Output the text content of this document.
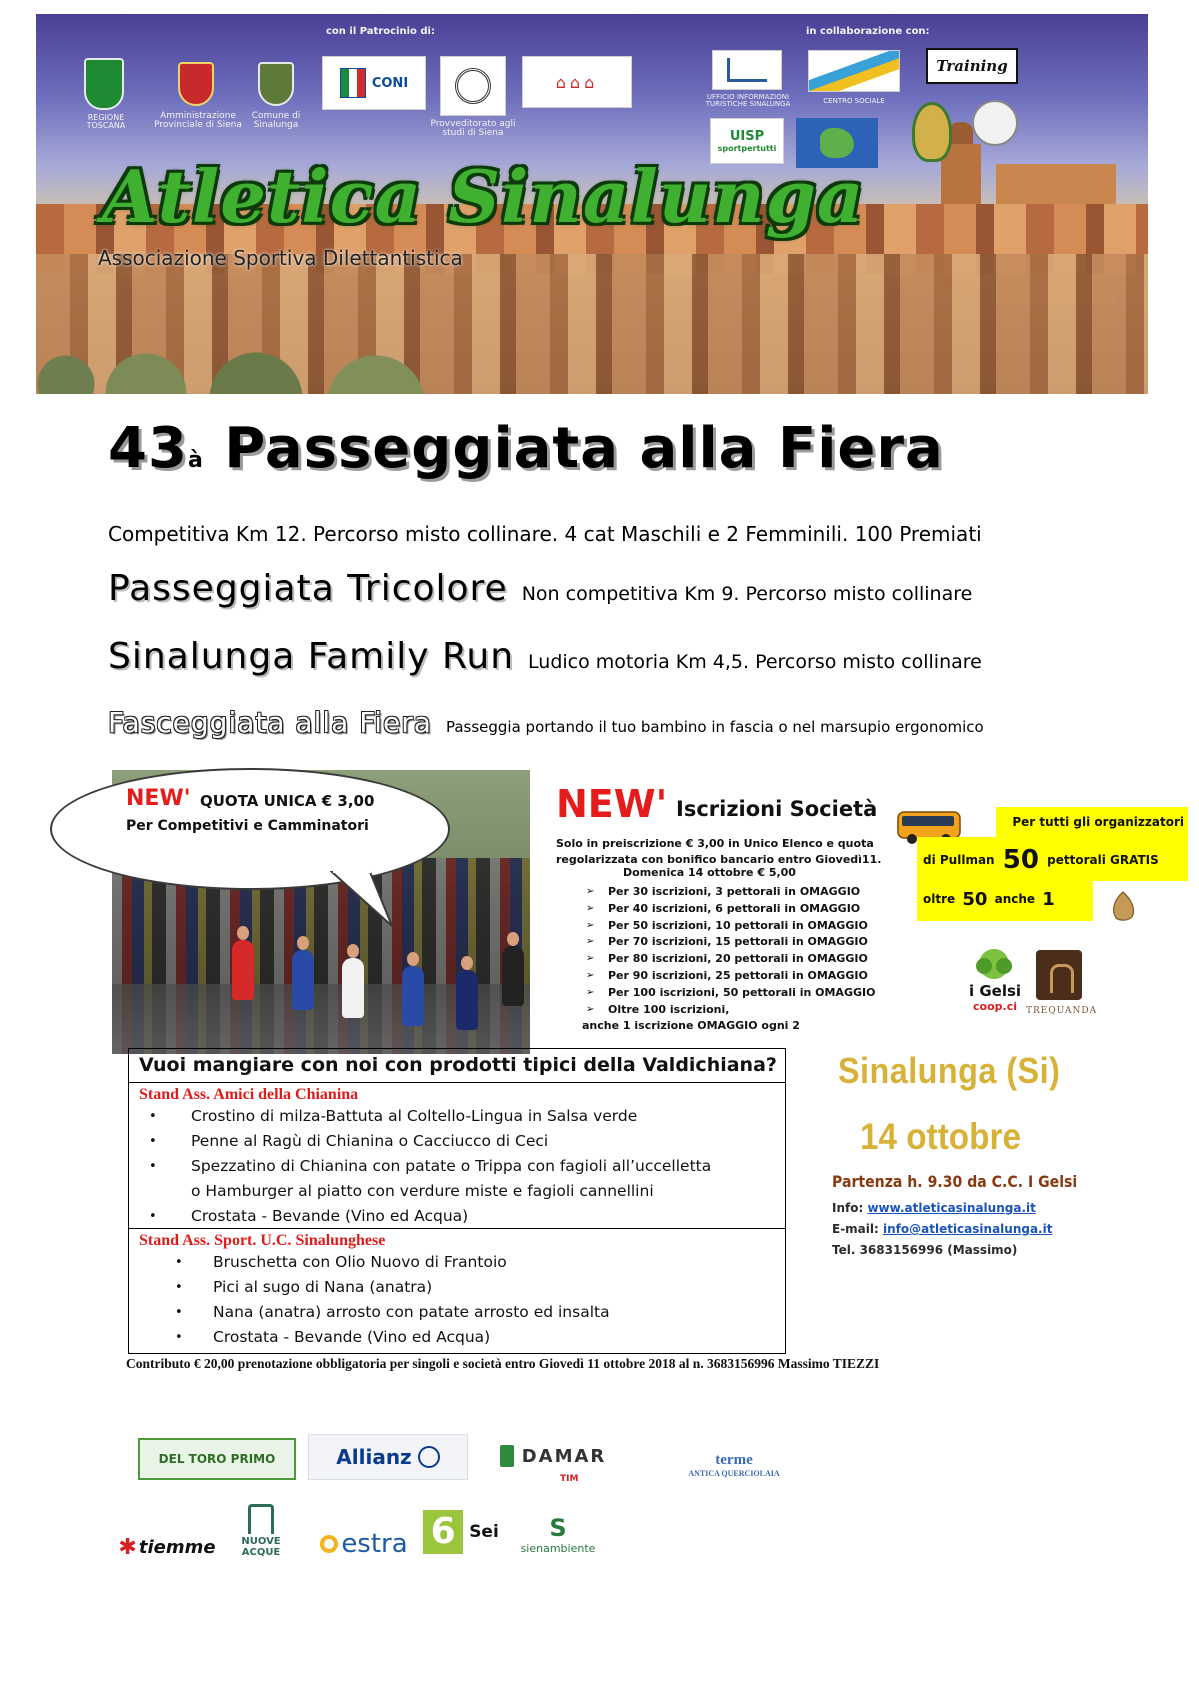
con il Patrocinio di:	in collaborazione con:
REGIONE TOSCANA
Amministrazione Provinciale di Siena
Comune di Sinalunga
CONI
Provveditorato agli studi di Siena
⌂⌂⌂
UFFICIO INFORMAZIONI TURISTICHE SINALUNGA	CENTRO SOCIALE
Training
UISP
sportpertutti
Atletica Sinalunga
Associazione Sportiva Dilettantistica
43à Passeggiata alla Fiera
Competitiva Km 12. Percorso misto collinare. 4 cat Maschili e 2 Femminili. 100 Premiati
Passeggiata Tricolore Non competitiva Km 9. Percorso misto collinare
Sinalunga Family Run Ludico motoria Km 4,5. Percorso misto collinare
Fasceggiata alla Fiera Passeggia portando il tuo bambino in fascia o nel marsupio ergonomico
NEW' QUOTA UNICA € 3,00
Per Competitivi e Camminatori	NEW' Iscrizioni Società
Solo in preiscrizione € 3,00 in Unico Elenco e quota regolarizzata con bonifico bancario entro Giovedì11.
Domenica 14 ottobre € 5,00
➢ Per 30 iscrizioni, 3 pettorali in OMAGGIO
➢ Per 40 iscrizioni, 6 pettorali in OMAGGIO
➢ Per 50 iscrizioni, 10 pettorali in OMAGGIO
➢ Per 70 iscrizioni, 15 pettorali in OMAGGIO
➢ Per 80 iscrizioni, 20 pettorali in OMAGGIO
➢ Per 90 iscrizioni, 25 pettorali in OMAGGIO
➢ Per 100 iscrizioni, 50 pettorali in OMAGGIO
➢ Oltre 100 iscrizioni,
anche 1 iscrizione OMAGGIO ogni 2
Per tutti gli organizzatori
di Pullman 50 pettorali GRATIS
oltre 50 anche 1
i Gelsi
coop.ci	TREQUANDA
Vuoi mangiare con noi con prodotti tipici della Valdichiana?
Stand Ass. Amici della Chianina
• Crostino di milza-Battuta al Coltello-Lingua in Salsa verde
• Penne al Ragù di Chianina o Cacciucco di Ceci
• Spezzatino di Chianina con patate o Trippa con fagioli all’uccelletta
o Hamburger al piatto con verdure miste e fagioli cannellini
• Crostata - Bevande (Vino ed Acqua)
Stand Ass. Sport. U.C. Sinalunghese
• Bruschetta con Olio Nuovo di Frantoio
• Pici al sugo di Nana (anatra)
• Nana (anatra) arrosto con patate arrosto ed insalta
• Crostata - Bevande (Vino ed Acqua)
Contributo € 20,00 prenotazione obbligatoria per singoli e società entro Giovedì 11 ottobre 2018 al n. 3683156996 Massimo TIEZZI
Sinalunga (Si)
14 ottobre
Partenza h. 9.30 da C.C. I Gelsi
Info: www.atleticasinalunga.it
E-mail: info@atleticasinalunga.it
Tel. 3683156996 (Massimo)
DEL TORO PRIMO	Allianz	DAMAR
TIM
terme
ANTICA QUERCIOLAIA
✱ tiemme	NUOVE ACQUE estra 6 Sei S
sienambiente
